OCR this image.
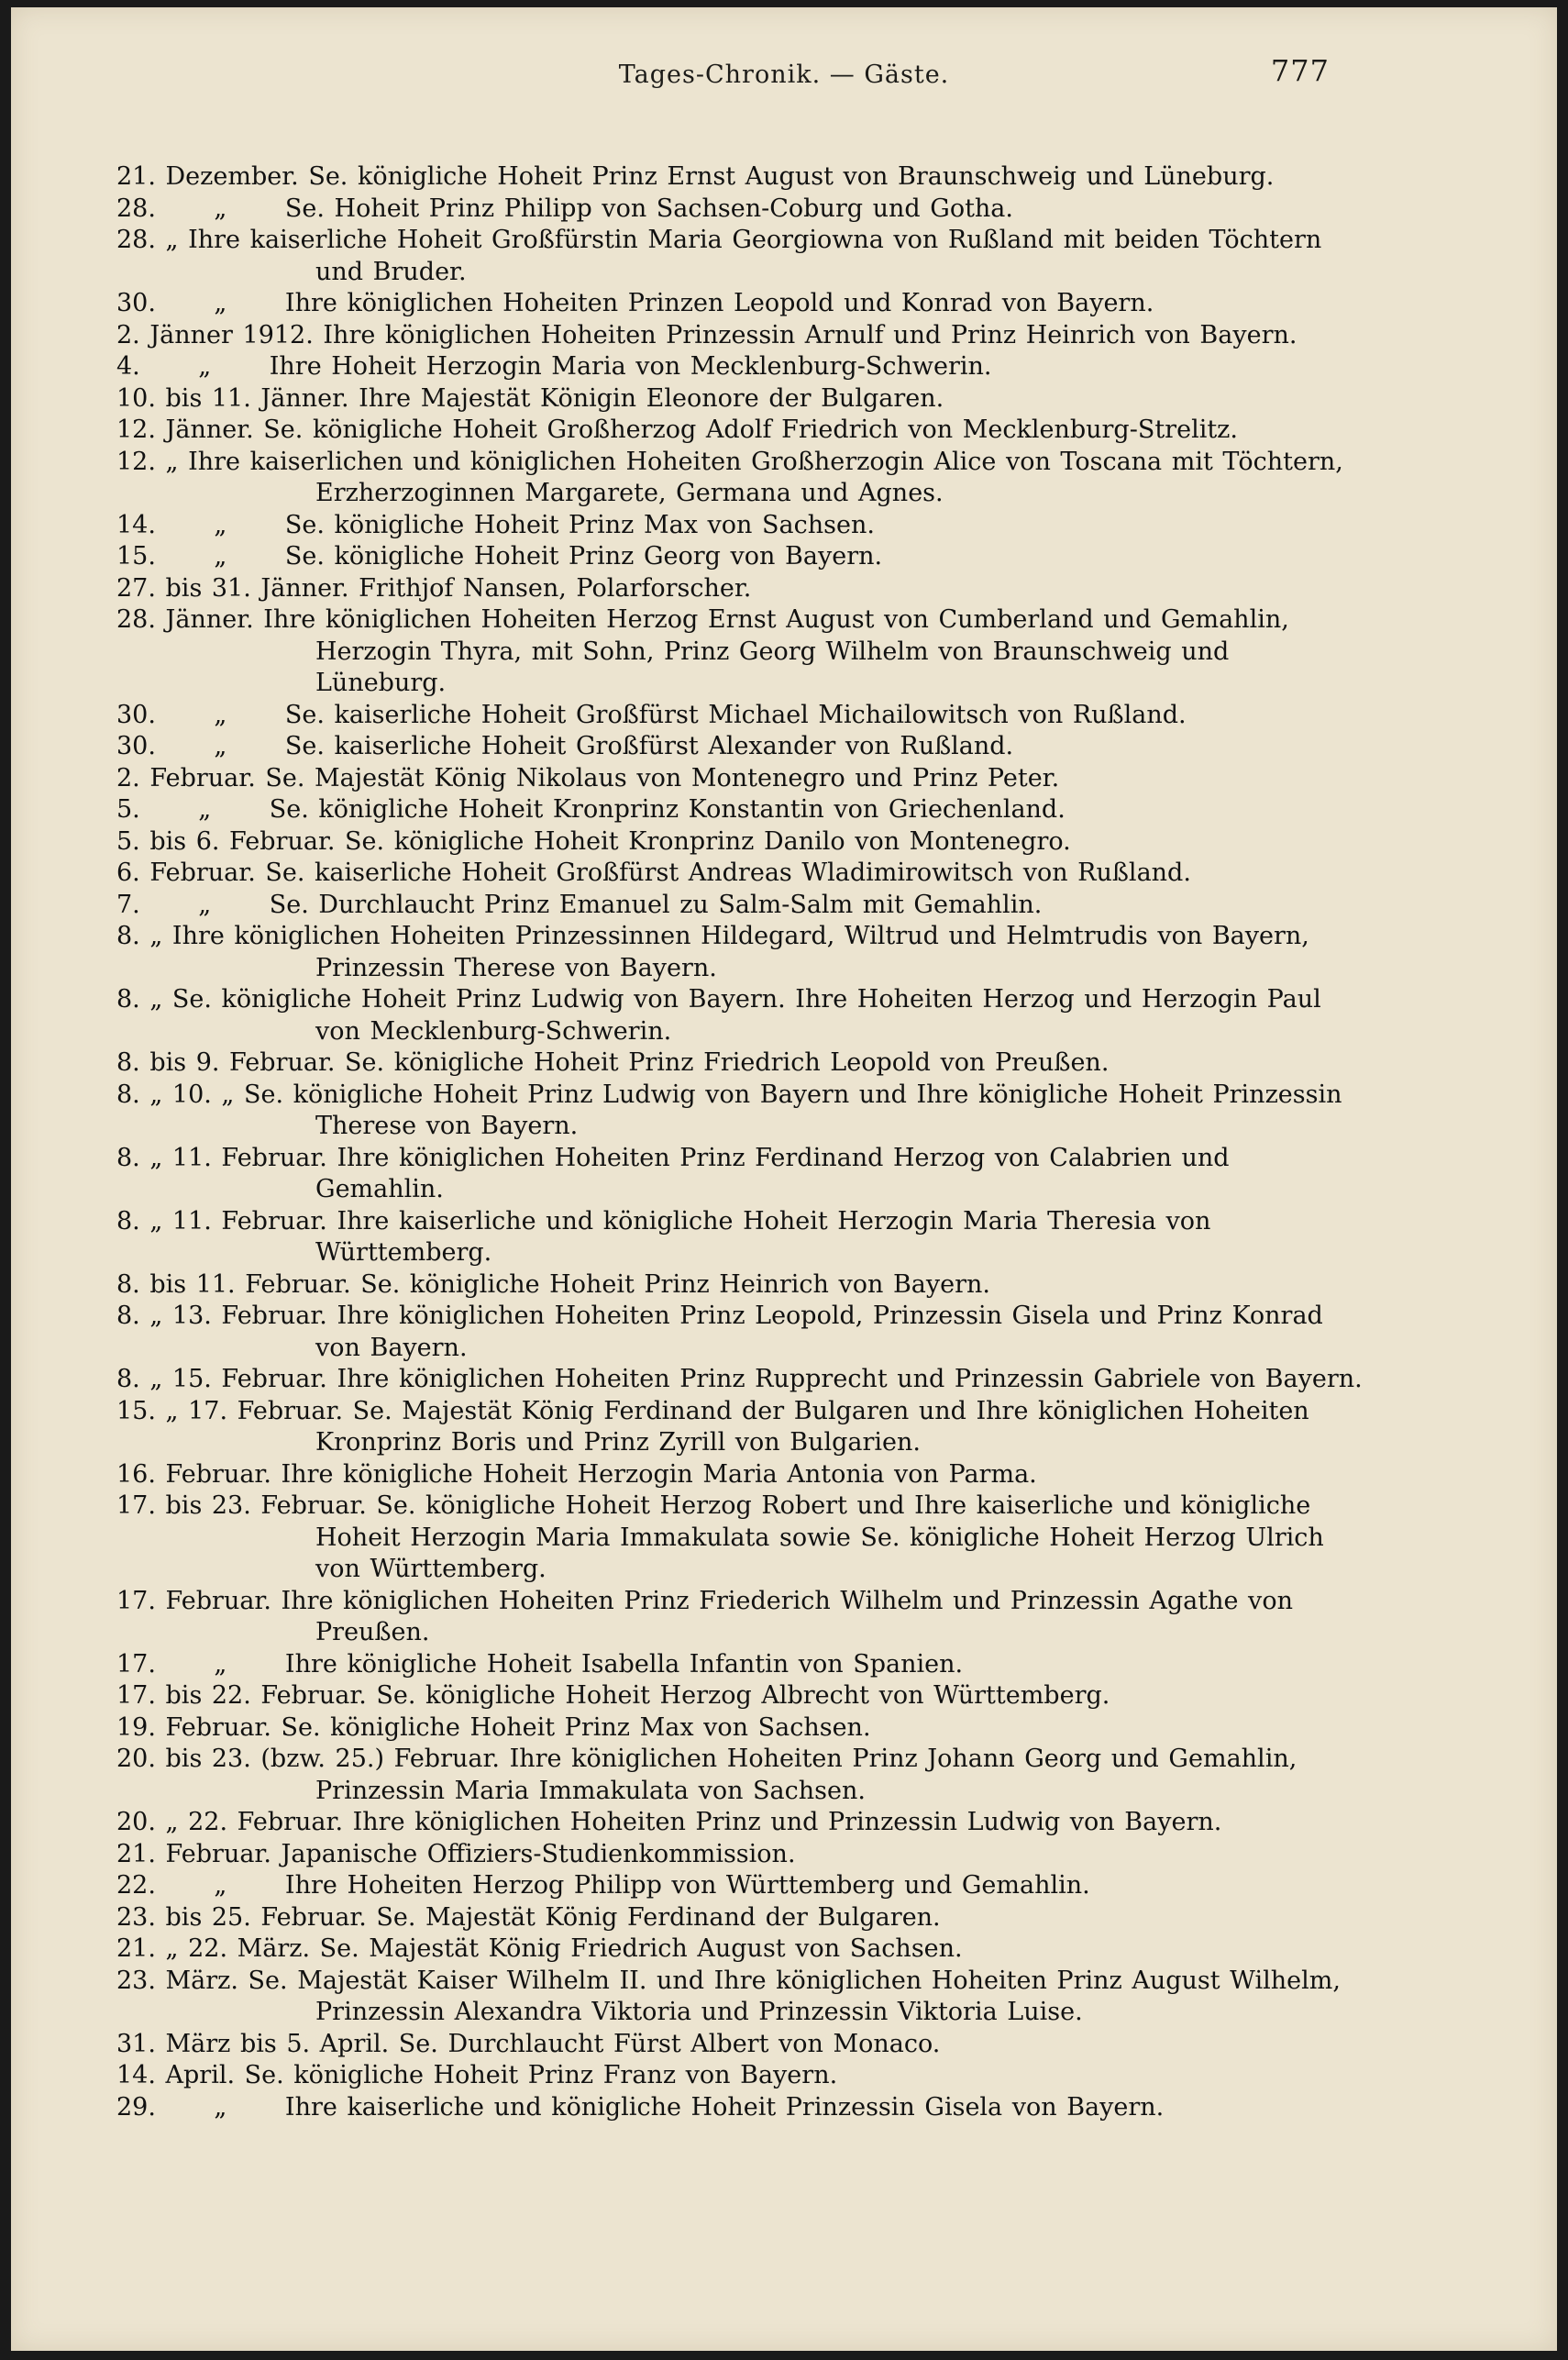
Tages-Chronik. — Gäste.	777
21. Dezember. Se. königliche Hoheit Prinz Ernst August von Braunschweig und Lüneburg.
28.      „      Se. Hoheit Prinz Philipp von Sachsen-Coburg und Gotha.
28. „ Ihre kaiserliche Hoheit Großfürstin Maria Georgiowna von Rußland mit beiden Töchtern und Bruder.
30.      „      Ihre königlichen Hoheiten Prinzen Leopold und Konrad von Bayern.
2. Jänner 1912. Ihre königlichen Hoheiten Prinzessin Arnulf und Prinz Heinrich von Bayern.
4.      „      Ihre Hoheit Herzogin Maria von Mecklenburg-Schwerin.
10. bis 11. Jänner. Ihre Majestät Königin Eleonore der Bulgaren.
12. Jänner. Se. königliche Hoheit Großherzog Adolf Friedrich von Mecklenburg-Strelitz.
12. „ Ihre kaiserlichen und königlichen Hoheiten Großherzogin Alice von Toscana mit Töchtern, Erzherzoginnen Margarete, Germana und Agnes.
14.      „      Se. königliche Hoheit Prinz Max von Sachsen.
15.      „      Se. königliche Hoheit Prinz Georg von Bayern.
27. bis 31. Jänner. Frithjof Nansen, Polarforscher.
28. Jänner. Ihre königlichen Hoheiten Herzog Ernst August von Cumberland und Gemahlin, Herzogin Thyra, mit Sohn, Prinz Georg Wilhelm von Braunschweig und Lüneburg.
30.      „      Se. kaiserliche Hoheit Großfürst Michael Michailowitsch von Rußland.
30.      „      Se. kaiserliche Hoheit Großfürst Alexander von Rußland.
2. Februar. Se. Majestät König Nikolaus von Montenegro und Prinz Peter.
5.      „      Se. königliche Hoheit Kronprinz Konstantin von Griechenland.
5. bis 6. Februar. Se. königliche Hoheit Kronprinz Danilo von Montenegro.
6. Februar. Se. kaiserliche Hoheit Großfürst Andreas Wladimirowitsch von Rußland.
7.      „      Se. Durchlaucht Prinz Emanuel zu Salm-Salm mit Gemahlin.
8. „ Ihre königlichen Hoheiten Prinzessinnen Hildegard, Wiltrud und Helmtrudis von Bayern, Prinzessin Therese von Bayern.
8. „ Se. königliche Hoheit Prinz Ludwig von Bayern. Ihre Hoheiten Herzog und Herzogin Paul von Mecklenburg-Schwerin.
8. bis 9. Februar. Se. königliche Hoheit Prinz Friedrich Leopold von Preußen.
8. „ 10. „ Se. königliche Hoheit Prinz Ludwig von Bayern und Ihre königliche Hoheit Prinzessin Therese von Bayern.
8. „ 11. Februar. Ihre königlichen Hoheiten Prinz Ferdinand Herzog von Calabrien und Gemahlin.
8. „ 11. Februar. Ihre kaiserliche und königliche Hoheit Herzogin Maria Theresia von Württemberg.
8. bis 11. Februar. Se. königliche Hoheit Prinz Heinrich von Bayern.
8. „ 13. Februar. Ihre königlichen Hoheiten Prinz Leopold, Prinzessin Gisela und Prinz Konrad von Bayern.
8. „ 15. Februar. Ihre königlichen Hoheiten Prinz Rupprecht und Prinzessin Gabriele von Bayern.
15. „ 17. Februar. Se. Majestät König Ferdinand der Bulgaren und Ihre königlichen Hoheiten Kronprinz Boris und Prinz Zyrill von Bulgarien.
16. Februar. Ihre königliche Hoheit Herzogin Maria Antonia von Parma.
17. bis 23. Februar. Se. königliche Hoheit Herzog Robert und Ihre kaiserliche und königliche Hoheit Herzogin Maria Immakulata sowie Se. königliche Hoheit Herzog Ulrich von Württemberg.
17. Februar. Ihre königlichen Hoheiten Prinz Friederich Wilhelm und Prinzessin Agathe von Preußen.
17.      „      Ihre königliche Hoheit Isabella Infantin von Spanien.
17. bis 22. Februar. Se. königliche Hoheit Herzog Albrecht von Württemberg.
19. Februar. Se. königliche Hoheit Prinz Max von Sachsen.
20. bis 23. (bzw. 25.) Februar. Ihre königlichen Hoheiten Prinz Johann Georg und Gemahlin, Prinzessin Maria Immakulata von Sachsen.
20. „ 22. Februar. Ihre königlichen Hoheiten Prinz und Prinzessin Ludwig von Bayern.
21. Februar. Japanische Offiziers-Studienkommission.
22.      „      Ihre Hoheiten Herzog Philipp von Württemberg und Gemahlin.
23. bis 25. Februar. Se. Majestät König Ferdinand der Bulgaren.
21. „ 22. März. Se. Majestät König Friedrich August von Sachsen.
23. März. Se. Majestät Kaiser Wilhelm II. und Ihre königlichen Hoheiten Prinz August Wilhelm, Prinzessin Alexandra Viktoria und Prinzessin Viktoria Luise.
31. März bis 5. April. Se. Durchlaucht Fürst Albert von Monaco.
14. April. Se. königliche Hoheit Prinz Franz von Bayern.
29.      „      Ihre kaiserliche und königliche Hoheit Prinzessin Gisela von Bayern.
